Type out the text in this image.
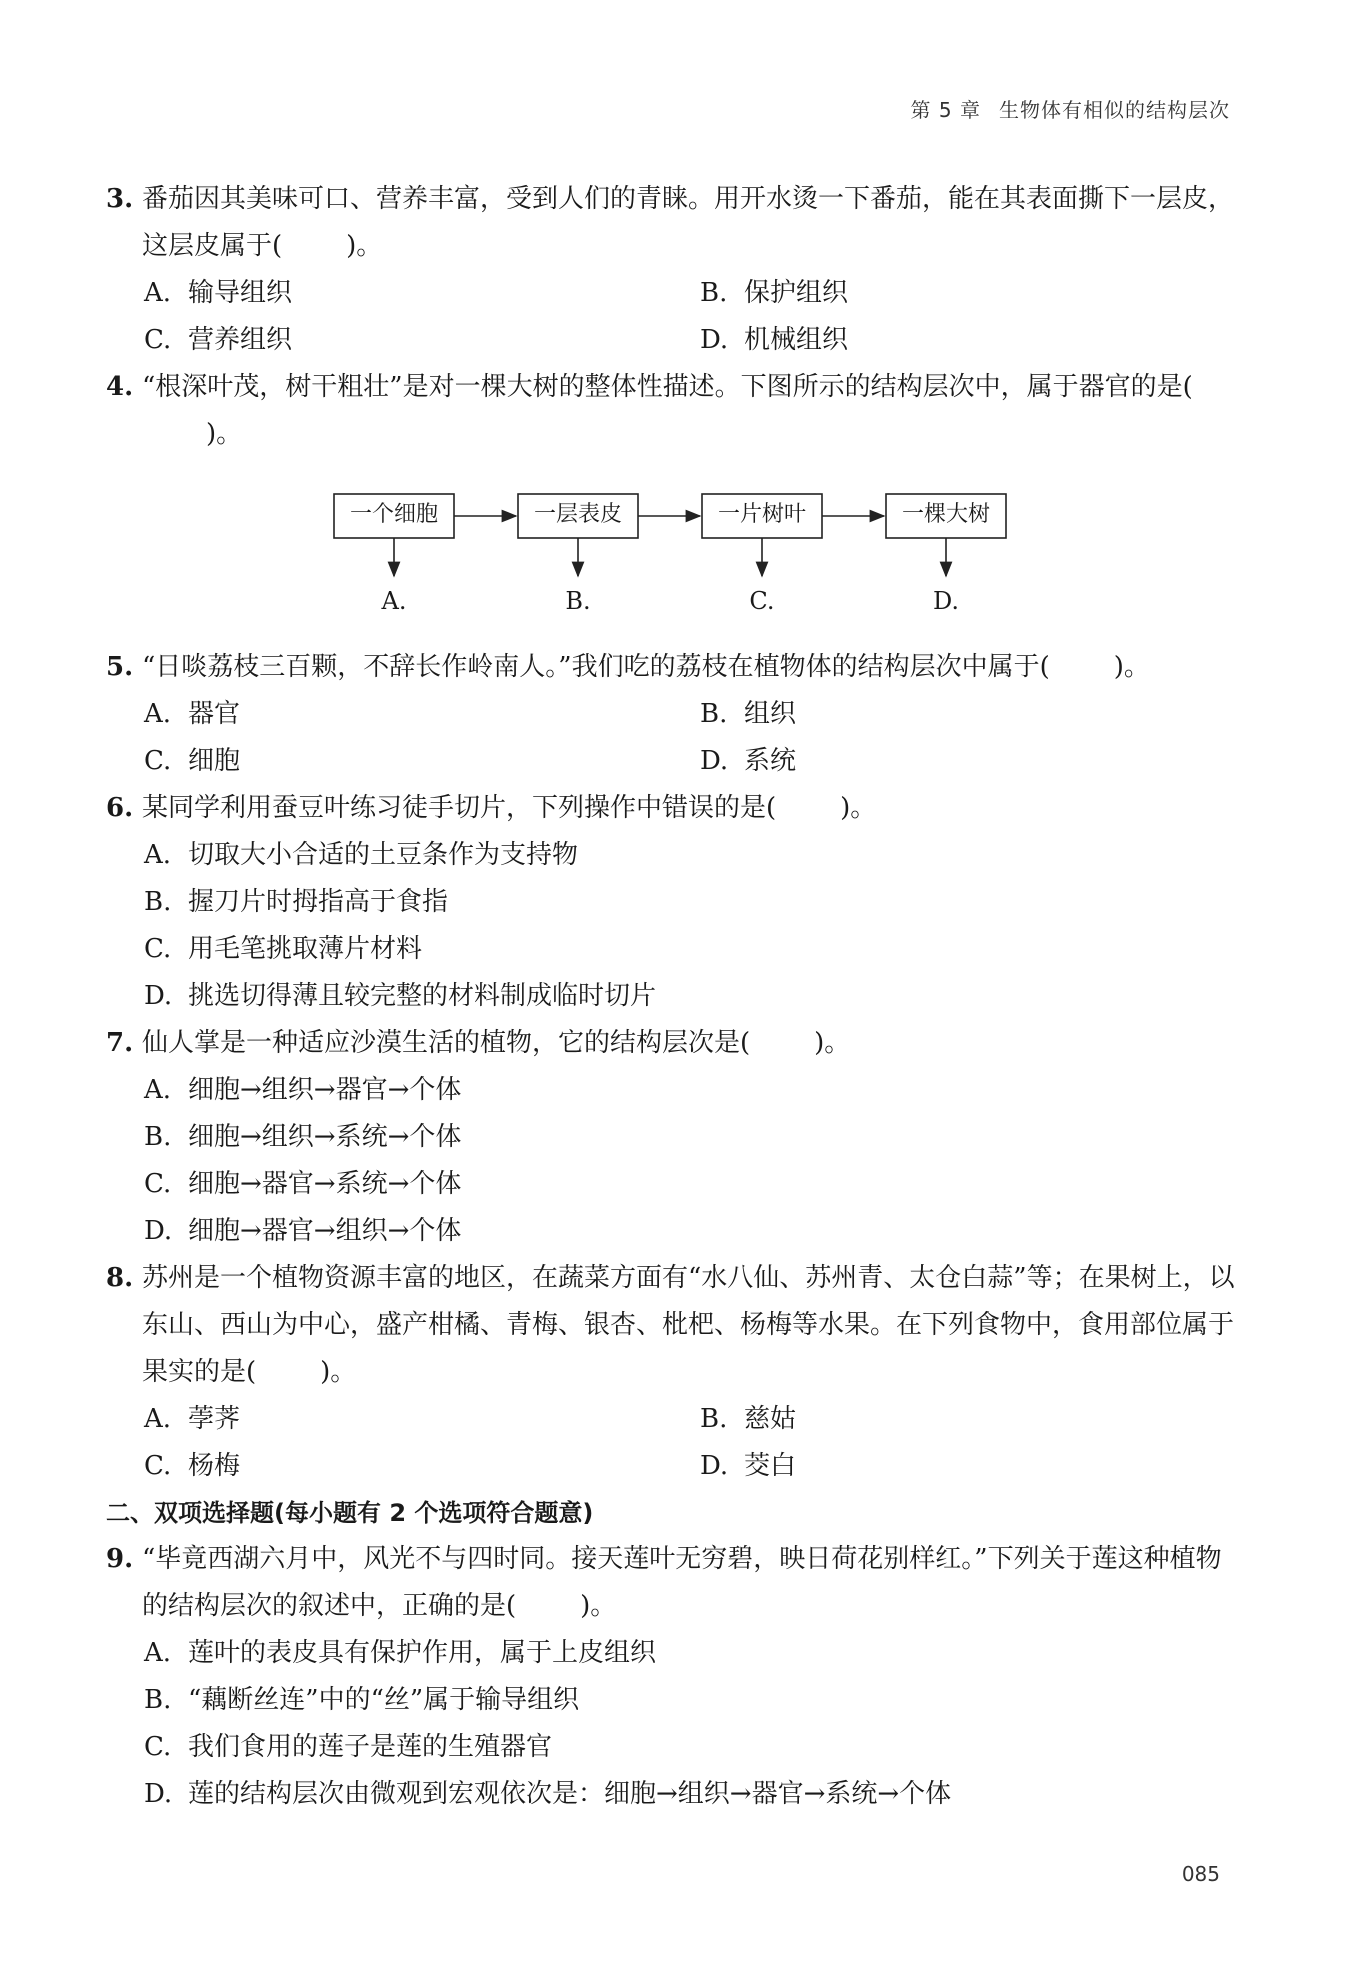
第 5 章 生物体有相似的结构层次
3. 番茄因其美味可口、营养丰富，受到人们的青睐。用开水烫一下番茄，能在其表面撕下一层皮，这层皮属于( )。
A. 输导组织	B. 保护组织
C. 营养组织	D. 机械组织
4. “根深叶茂，树干粗壮”是对一棵大树的整体性描述。下图所示的结构层次中，属于器官的是()。
一个细胞	一层表皮	一片树叶	一棵大树
A.	B.	C.	D.
5. “日啖荔枝三百颗，不辞长作岭南人。”我们吃的荔枝在植物体的结构层次中属于( )。
A. 器官	B. 组织
C. 细胞	D. 系统
6. 某同学利用蚕豆叶练习徒手切片，下列操作中错误的是( )。
A. 切取大小合适的土豆条作为支持物
B. 握刀片时拇指高于食指
C. 用毛笔挑取薄片材料
D. 挑选切得薄且较完整的材料制成临时切片
7. 仙人掌是一种适应沙漠生活的植物，它的结构层次是( )。
A. 细胞→组织→器官→个体
B. 细胞→组织→系统→个体
C. 细胞→器官→系统→个体
D. 细胞→器官→组织→个体
8. 苏州是一个植物资源丰富的地区，在蔬菜方面有“水八仙、苏州青、太仓白蒜”等；在果树上，以东山、西山为中心，盛产柑橘、青梅、银杏、枇杷、杨梅等水果。在下列食物中，食用部位属于果实的是( )。
A. 荸荠	B. 慈姑
C. 杨梅	D. 茭白
二、双项选择题(每小题有 2 个选项符合题意)
9. “毕竟西湖六月中，风光不与四时同。接天莲叶无穷碧，映日荷花别样红。”下列关于莲这种植物的结构层次的叙述中，正确的是( )。
A. 莲叶的表皮具有保护作用，属于上皮组织
B. “藕断丝连”中的“丝”属于输导组织
C. 我们食用的莲子是莲的生殖器官
D. 莲的结构层次由微观到宏观依次是：细胞→组织→器官→系统→个体
085
